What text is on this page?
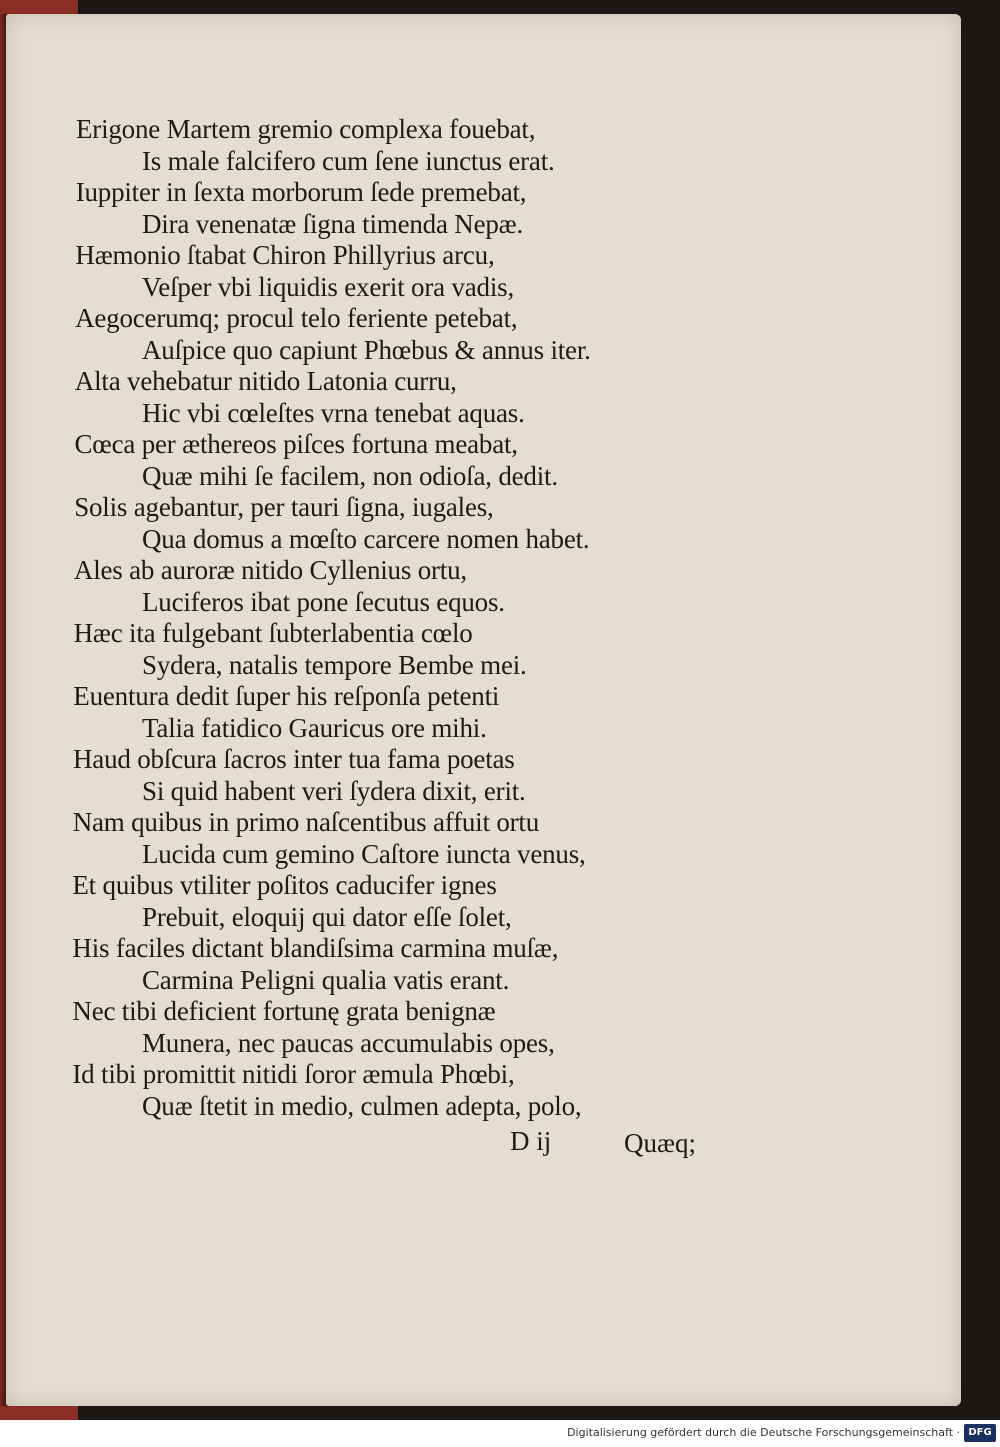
Erigone Martem gremio complexa fouebat,
Is male falcifero cum ſene iunctus erat.
Iuppiter in ſexta morborum ſede premebat,
Dira venenatæ ſigna timenda Nepæ.
Hæmonio ſtabat Chiron Phillyrius arcu,
Veſper vbi liquidis exerit ora vadis,
Aegocerumq; procul telo feriente petebat,
Auſpice quo capiunt Phœbus & annus iter.
Alta vehebatur nitido Latonia curru,
Hic vbi cœleſtes vrna tenebat aquas.
Cœca per æthereos piſces fortuna meabat,
Quæ mihi ſe facilem, non odioſa, dedit.
Solis agebantur, per tauri ſigna, iugales,
Qua domus a mœſto carcere nomen habet.
Ales ab auroræ nitido Cyllenius ortu,
Luciferos ibat pone ſecutus equos.
Hæc ita fulgebant ſubterlabentia cœlo
Sydera, natalis tempore Bembe mei.
Euentura dedit ſuper his reſponſa petenti
Talia fatidico Gauricus ore mihi.
Haud obſcura ſacros inter tua fama poetas
Si quid habent veri ſydera dixit, erit.
Nam quibus in primo naſcentibus affuit ortu
Lucida cum gemino Caſtore iuncta venus,
Et quibus vtiliter poſitos caducifer ignes
Prebuit, eloquij qui dator eſſe ſolet,
His faciles dictant blandiſsima carmina muſæ,
Carmina Peligni qualia vatis erant.
Nec tibi deficient fortunę grata benignæ
Munera, nec paucas accumulabis opes,
Id tibi promittit nitidi ſoror æmula Phœbi,
Quæ ſtetit in medio, culmen adepta, polo,
D ij	Quæq;
Digitalisierung gefördert durch die Deutsche Forschungsgemeinschaft · DFG
